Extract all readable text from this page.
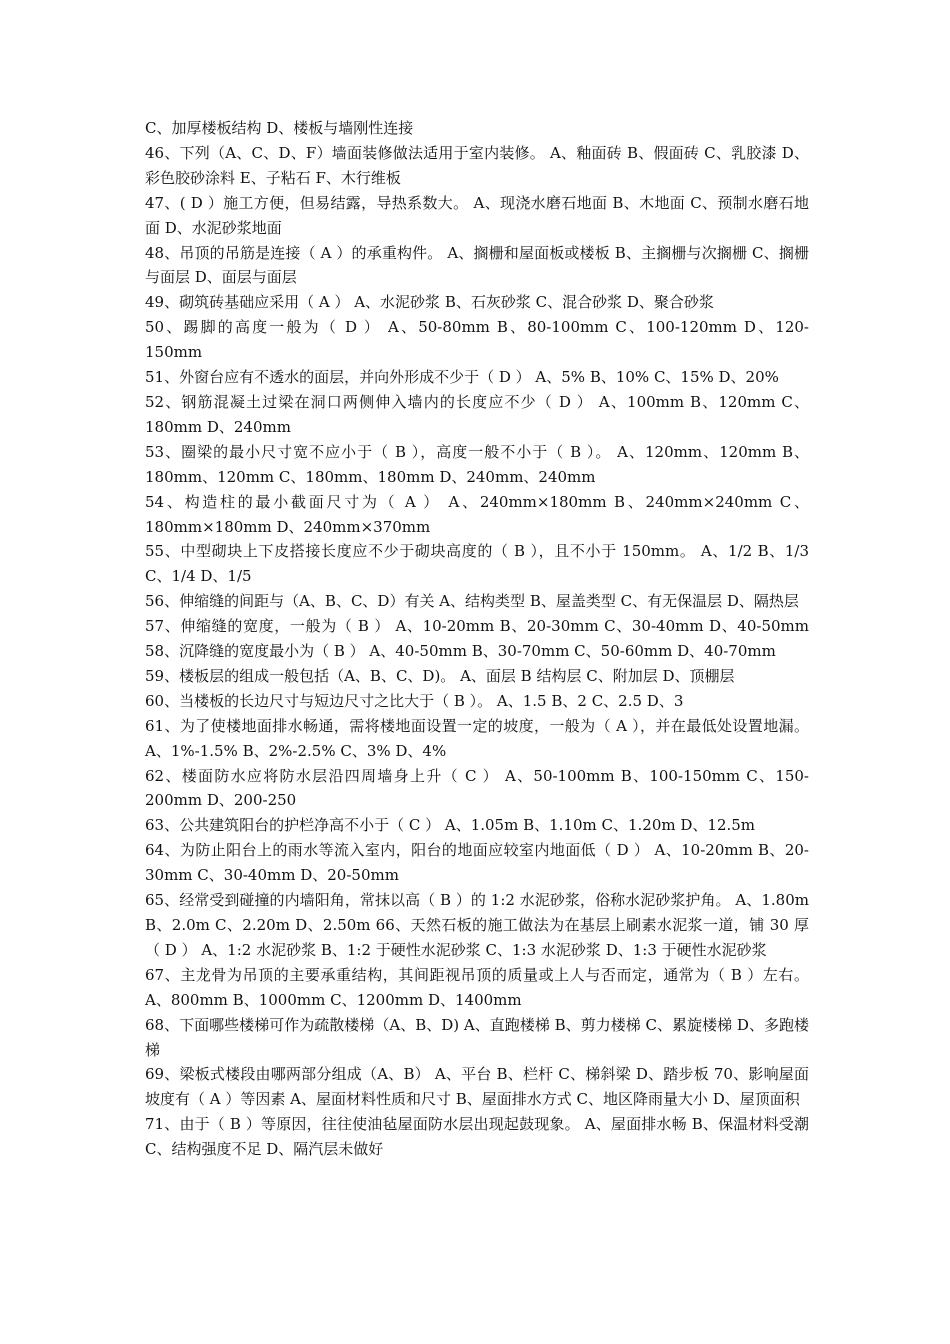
C、加厚楼板结构 D、楼板与墙刚性连接

46、下列（A、C、D、F）墙面装修做法适用于室内装修。 A、釉面砖 B、假面砖 C、乳胶漆 D、彩色胶砂涂料 E、子粘石 F、木行维板

47、( D ）施工方便，但易结露，导热系数大。 A、现浇水磨石地面 B、木地面 C、预制水磨石地面 D、水泥砂浆地面

48、吊顶的吊筋是连接（ A ）的承重构件。 A、搁栅和屋面板或楼板 B、主搁栅与次搁栅 C、搁栅与面层 D、面层与面层

49、砌筑砖基础应采用（ A ） A、水泥砂浆 B、石灰砂浆 C、混合砂浆 D、聚合砂浆

50、踢脚的高度一般为（ D ） A、50-80mm B、80-100mm C、100-120mm D、120-150mm

51、外窗台应有不透水的面层，并向外形成不少于（ D ） A、5% B、10% C、15% D、20%

52、钢筋混凝土过梁在洞口两侧伸入墙内的长度应不少（ D ） A、100mm B、120mm C、180mm D、240mm

53、圈梁的最小尺寸宽不应小于（ B ），高度一般不小于（ B ）。 A、120mm、120mm B、180mm、120mm C、180mm、180mm D、240mm、240mm

54、构造柱的最小截面尺寸为（ A ） A、240mm×180mm B、240mm×240mm C、180mm×180mm D、240mm×370mm

55、中型砌块上下皮搭接长度应不少于砌块高度的（ B ），且不小于 150mm。 A、1/2 B、1/3 C、1/4 D、1/5

56、伸缩缝的间距与（A、B、C、D）有关 A、结构类型 B、屋盖类型 C、有无保温层 D、隔热层

57、伸缩缝的宽度，一般为（ B ） A、10-20mm B、20-30mm C、30-40mm D、40-50mm 58、沉降缝的宽度最小为（ B ） A、40-50mm B、30-70mm C、50-60mm D、40-70mm

59、楼板层的组成一般包括（A、B、C、D)。 A、面层 B 结构层 C、附加层 D、顶棚层

60、当楼板的长边尺寸与短边尺寸之比大于（ B ）。 A、1.5 B、2 C、2.5 D、3

61、为了使楼地面排水畅通，需将楼地面设置一定的坡度，一般为（ A ），并在最低处设置地漏。 A、1%-1.5% B、2%-2.5% C、3% D、4%

62、楼面防水应将防水层沿四周墙身上升（ C ） A、50-100mm B、100-150mm C、150-200mm D、200-250

63、公共建筑阳台的护栏净高不小于（ C ） A、1.05m B、1.10m C、1.20m D、12.5m

64、为防止阳台上的雨水等流入室内，阳台的地面应较室内地面低（ D ） A、10-20mm B、20-30mm C、30-40mm D、20-50mm

65、经常受到碰撞的内墙阳角，常抹以高（ B ）的 1:2 水泥砂浆，俗称水泥砂浆护角。 A、1.80m B、2.0m C、2.20m D、2.50m 66、天然石板的施工做法为在基层上刷素水泥浆一道，铺 30 厚（ D ） A、1:2 水泥砂浆 B、1:2 于硬性水泥砂浆 C、1:3 水泥砂浆 D、1:3 于硬性水泥砂浆

67、主龙骨为吊顶的主要承重结构，其间距视吊顶的质量或上人与否而定，通常为（ B ）左右。 A、800mm B、1000mm C、1200mm D、1400mm

68、下面哪些楼梯可作为疏散楼梯（A、B、D) A、直跑楼梯 B、剪力楼梯 C、累旋楼梯 D、多跑楼梯

69、梁板式楼段由哪两部分组成（A、B） A、平台 B、栏杆 C、梯斜梁 D、踏步板 70、影响屋面坡度有（ A ）等因素 A、屋面材料性质和尺寸 B、屋面排水方式 C、地区降雨量大小 D、屋顶面积

71、由于（ B ）等原因，往往使油毡屋面防水层出现起鼓现象。 A、屋面排水畅 B、保温材料受潮 C、结构强度不足 D、隔汽层未做好
